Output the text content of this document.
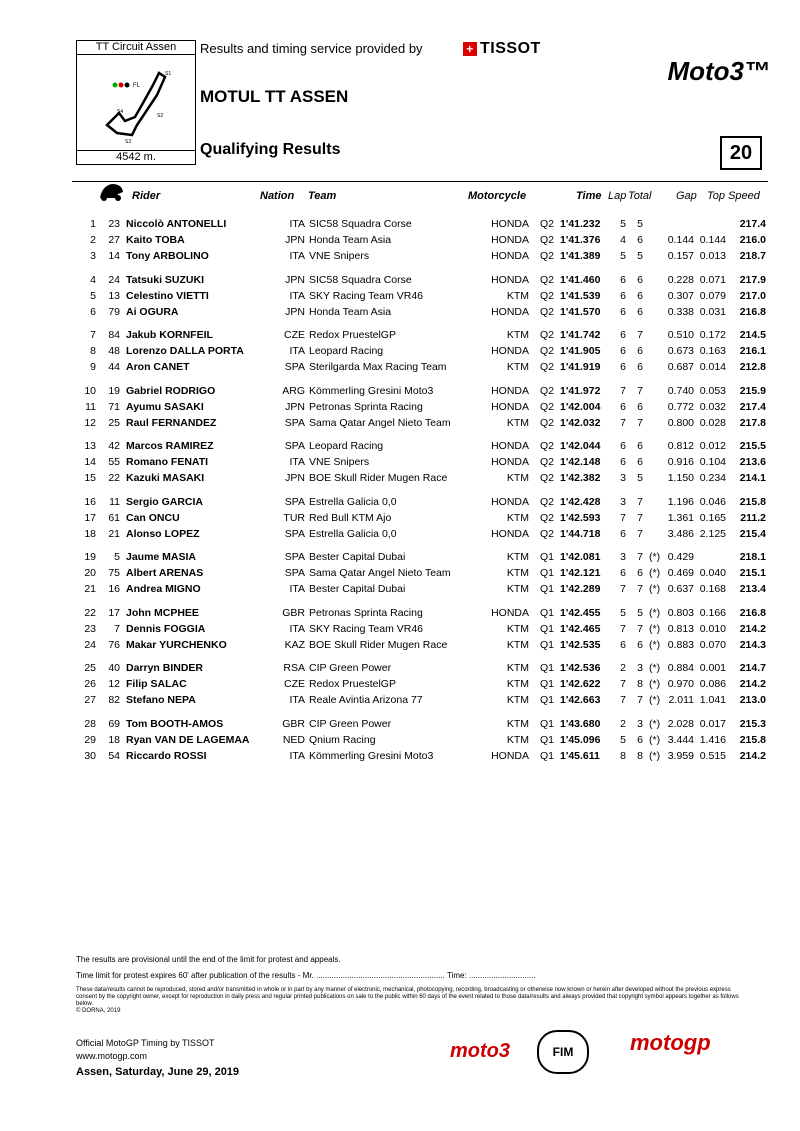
TT Circuit Assen
FL
S1
S2
S3
S4
4542 m.
Results and timing service provided by	+ TISSOT
Moto3™
MOTUL TT ASSEN
Qualifying Results	20
Rider	Nation Team	Motorcycle	Time Lap Total Gap Top Speed
1	23 Niccolò ANTONELLI	ITA SIC58 Squadra Corse	HONDA Q2 1'41.232	5	5	217.4
2	27 Kaito TOBA	JPN Honda Team Asia	HONDA Q2 1'41.376	4	6	0.144 0.144	216.0
3	14 Tony ARBOLINO	ITA VNE Snipers	HONDA Q2 1'41.389	5	5	0.157 0.013	218.7
4	24 Tatsuki SUZUKI	JPN SIC58 Squadra Corse	HONDA Q2 1'41.460	6	6	0.228 0.071	217.9
5	13 Celestino VIETTI	ITA SKY Racing Team VR46	KTM Q2 1'41.539	6	6	0.307 0.079	217.0
6	79 Ai OGURA	JPN Honda Team Asia	HONDA Q2 1'41.570	6	6	0.338 0.031	216.8
7	84 Jakub KORNFEIL	CZE Redox PruestelGP	KTM Q2 1'41.742	6	7	0.510 0.172	214.5
8	48 Lorenzo DALLA PORTA	ITA Leopard Racing	HONDA Q2 1'41.905	6	6	0.673 0.163	216.1
9	44 Aron CANET	SPA Sterilgarda Max Racing Team	KTM Q2 1'41.919	6	6	0.687 0.014	212.8
10	19 Gabriel RODRIGO	ARG Kömmerling Gresini Moto3	HONDA Q2 1'41.972	7	7	0.740 0.053	215.9
11	71 Ayumu SASAKI	JPN Petronas Sprinta Racing	HONDA Q2 1'42.004	6	6	0.772 0.032	217.4
12	25 Raul FERNANDEZ	SPA Sama Qatar Angel Nieto Team	KTM Q2 1'42.032	7	7	0.800 0.028	217.8
13	42 Marcos RAMIREZ	SPA Leopard Racing	HONDA Q2 1'42.044	6	6	0.812 0.012	215.5
14	55 Romano FENATI	ITA VNE Snipers	HONDA Q2 1'42.148	6	6	0.916 0.104	213.6
15	22 Kazuki MASAKI	JPN BOE Skull Rider Mugen Race	KTM Q2 1'42.382	3	5	1.150 0.234	214.1
16	11 Sergio GARCIA	SPA Estrella Galicia 0,0	HONDA Q2 1'42.428	3	7	1.196 0.046	215.8
17	61 Can ONCU	TUR Red Bull KTM Ajo	KTM Q2 1'42.593	7	7	1.361 0.165	211.2
18	21 Alonso LOPEZ	SPA Estrella Galicia 0,0	HONDA Q2 1'44.718	6	7	3.486 2.125	215.4
19	5 Jaume MASIA	SPA Bester Capital Dubai	KTM Q1 1'42.081	3	7 (*) 0.429	218.1
20	75 Albert ARENAS	SPA Sama Qatar Angel Nieto Team	KTM Q1 1'42.121	6	6 (*) 0.469 0.040	215.1
21	16 Andrea MIGNO	ITA Bester Capital Dubai	KTM Q1 1'42.289	7	7 (*) 0.637 0.168	213.4
22	17 John MCPHEE	GBR Petronas Sprinta Racing	HONDA Q1 1'42.455	5	5 (*) 0.803 0.166	216.8
23	7 Dennis FOGGIA	ITA SKY Racing Team VR46	KTM Q1 1'42.465	7	7 (*) 0.813 0.010	214.2
24	76 Makar YURCHENKO	KAZ BOE Skull Rider Mugen Race	KTM Q1 1'42.535	6	6 (*) 0.883 0.070	214.3
25	40 Darryn BINDER	RSA CIP Green Power	KTM Q1 1'42.536	2	3 (*) 0.884 0.001	214.7
26	12 Filip SALAC	CZE Redox PruestelGP	KTM Q1 1'42.622	7	8 (*) 0.970 0.086	214.2
27	82 Stefano NEPA	ITA Reale Avintia Arizona 77	KTM Q1 1'42.663	7	7 (*) 2.011 1.041	213.0
28	69 Tom BOOTH-AMOS	GBR CIP Green Power	KTM Q1 1'43.680	2	3 (*) 2.028 0.017	215.3
29	18 Ryan VAN DE LAGEMAA	NED Qnium Racing	KTM Q1 1'45.096	5	6 (*) 3.444 1.416	215.8
30	54 Riccardo ROSSI	ITA Kömmerling Gresini Moto3	HONDA Q1 1'45.611	8	8 (*) 3.959 0.515	214.2
The results are provisional until the end of the limit for protest and appeals.
Time limit for protest expires 60' after publication of the results - Mr. .......................................................... Time: ..............................
These data/results cannot be reproduced, stored and/or transmitted in whole or in part by any manner of electronic, mechanical, photocopying, recording, broadcasting or otherwise now known or herein after developed without the previous express consent by the copyright owner, except for reproduction in daily press and regular printed publications on sale to the public within 60 days of the event related to those data/results and always provided that copyright symbol appears together as follows below.
© DORNA, 2019
Official MotoGP Timing by TISSOT
www.motogp.com
Assen, Saturday, June 29, 2019
moto3	FIM	motogp
